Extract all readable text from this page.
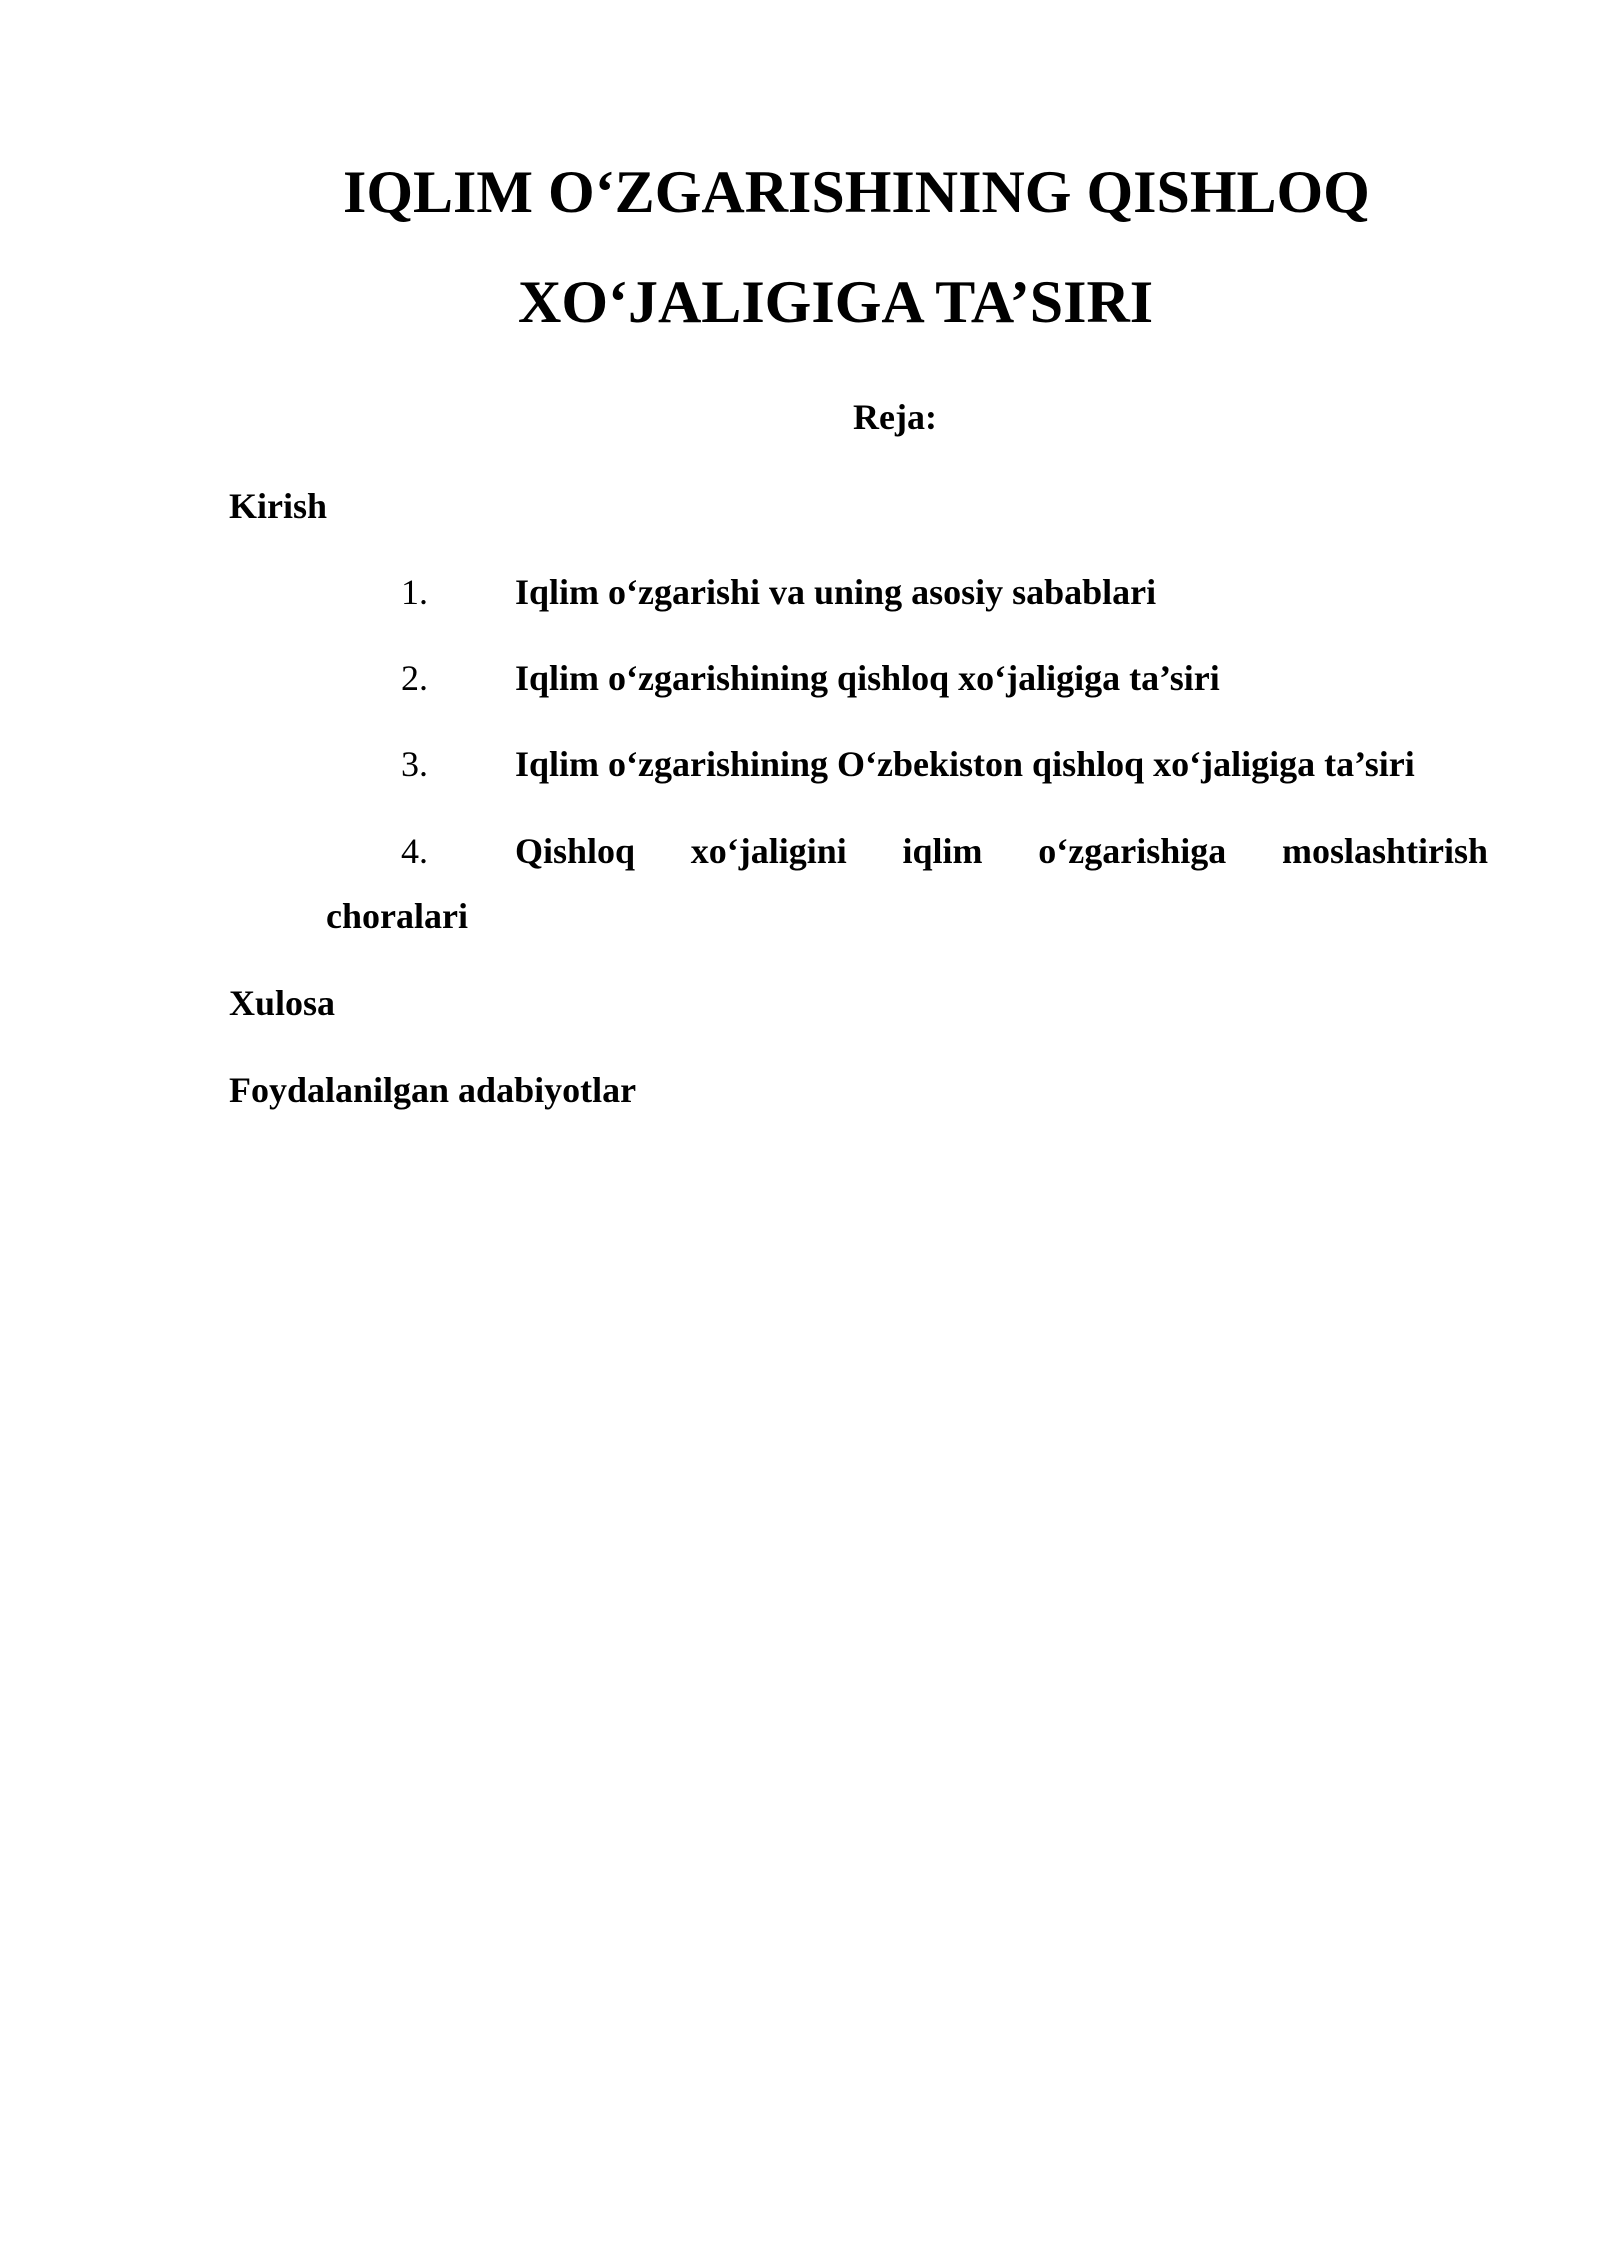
IQLIM O‘ZGARISHINING QISHLOQ
XO‘JALIGIGA TA’SIRI
Reja:
Kirish
1. Iqlim o‘zgarishi va uning asosiy sabablari
2. Iqlim o‘zgarishining qishloq xo‘jaligiga ta’siri
3. Iqlim o‘zgarishining O‘zbekiston qishloq xo‘jaligiga ta’siri
4. Qishloq xo‘jaligini iqlim o‘zgarishiga moslashtirish
choralari
Xulosa
Foydalanilgan adabiyotlar
